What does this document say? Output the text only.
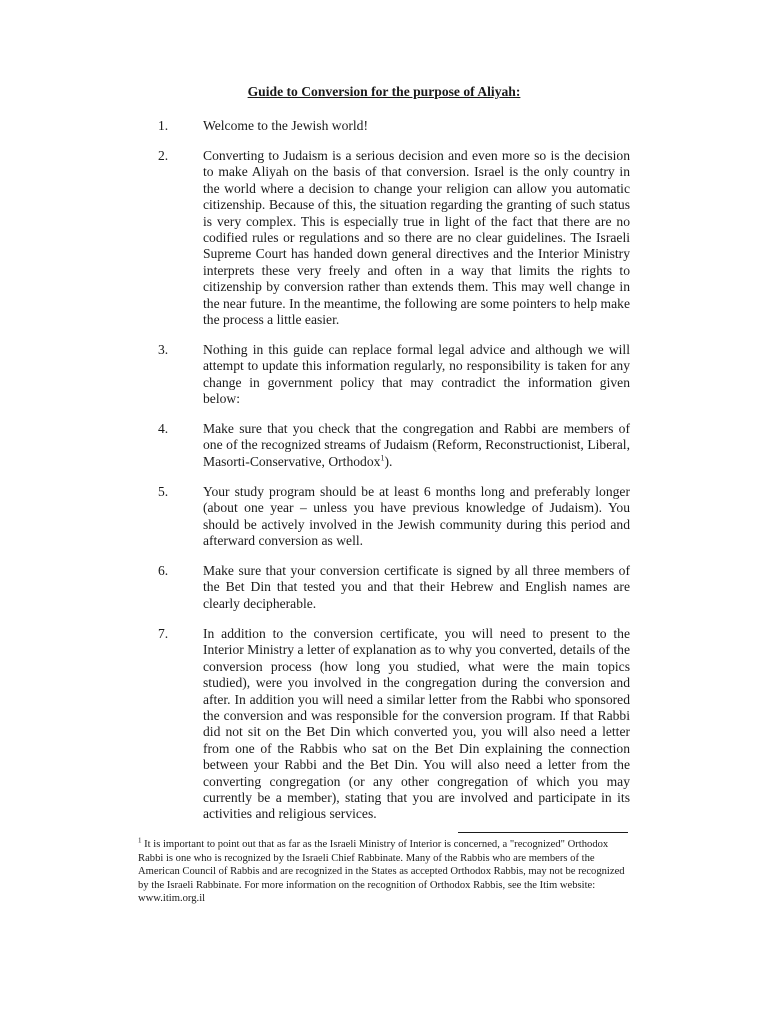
Guide to Conversion for the purpose of Aliyah:
1.	Welcome to the Jewish world!
2.	Converting to Judaism is a serious decision and even more so is the decision to make Aliyah on the basis of that conversion. Israel is the only country in the world where a decision to change your religion can allow you automatic citizenship. Because of this, the situation regarding the granting of such status is very complex. This is especially true in light of the fact that there are no codified rules or regulations and so there are no clear guidelines. The Israeli Supreme Court has handed down general directives and the Interior Ministry interprets these very freely and often in a way that limits the rights to citizenship by conversion rather than extends them. This may well change in the near future. In the meantime, the following are some pointers to help make the process a little easier.
3.	Nothing in this guide can replace formal legal advice and although we will attempt to update this information regularly, no responsibility is taken for any change in government policy that may contradict the information given below:
4.	Make sure that you check that the congregation and Rabbi are members of one of the recognized streams of Judaism (Reform, Reconstructionist, Liberal, Masorti-Conservative, Orthodox$^1$).
5.	Your study program should be at least 6 months long and preferably longer (about one year – unless you have previous knowledge of Judaism). You should be actively involved in the Jewish community during this period and afterward conversion as well.
6.	Make sure that your conversion certificate is signed by all three members of the Bet Din that tested you and that their Hebrew and English names are clearly decipherable.
7.	In addition to the conversion certificate, you will need to present to the Interior Ministry a letter of explanation as to why you converted, details of the conversion process (how long you studied, what were the main topics studied), were you involved in the congregation during the conversion and after. In addition you will need a similar letter from the Rabbi who sponsored the conversion and was responsible for the conversion program. If that Rabbi did not sit on the Bet Din which converted you, you will also need a letter from one of the Rabbis who sat on the Bet Din explaining the connection between your Rabbi and the Bet Din. You will also need a letter from the converting congregation (or any other congregation of which you may currently be a member), stating that you are involved and participate in its activities and religious services.
$^1$ It is important to point out that as far as the Israeli Ministry of Interior is concerned, a "recognized" Orthodox Rabbi is one who is recognized by the Israeli Chief Rabbinate. Many of the Rabbis who are members of the American Council of Rabbis and are recognized in the States as accepted Orthodox Rabbis, may not be recognized by the Israeli Rabbinate. For more information on the recognition of Orthodox Rabbis, see the Itim website: www.itim.org.il
